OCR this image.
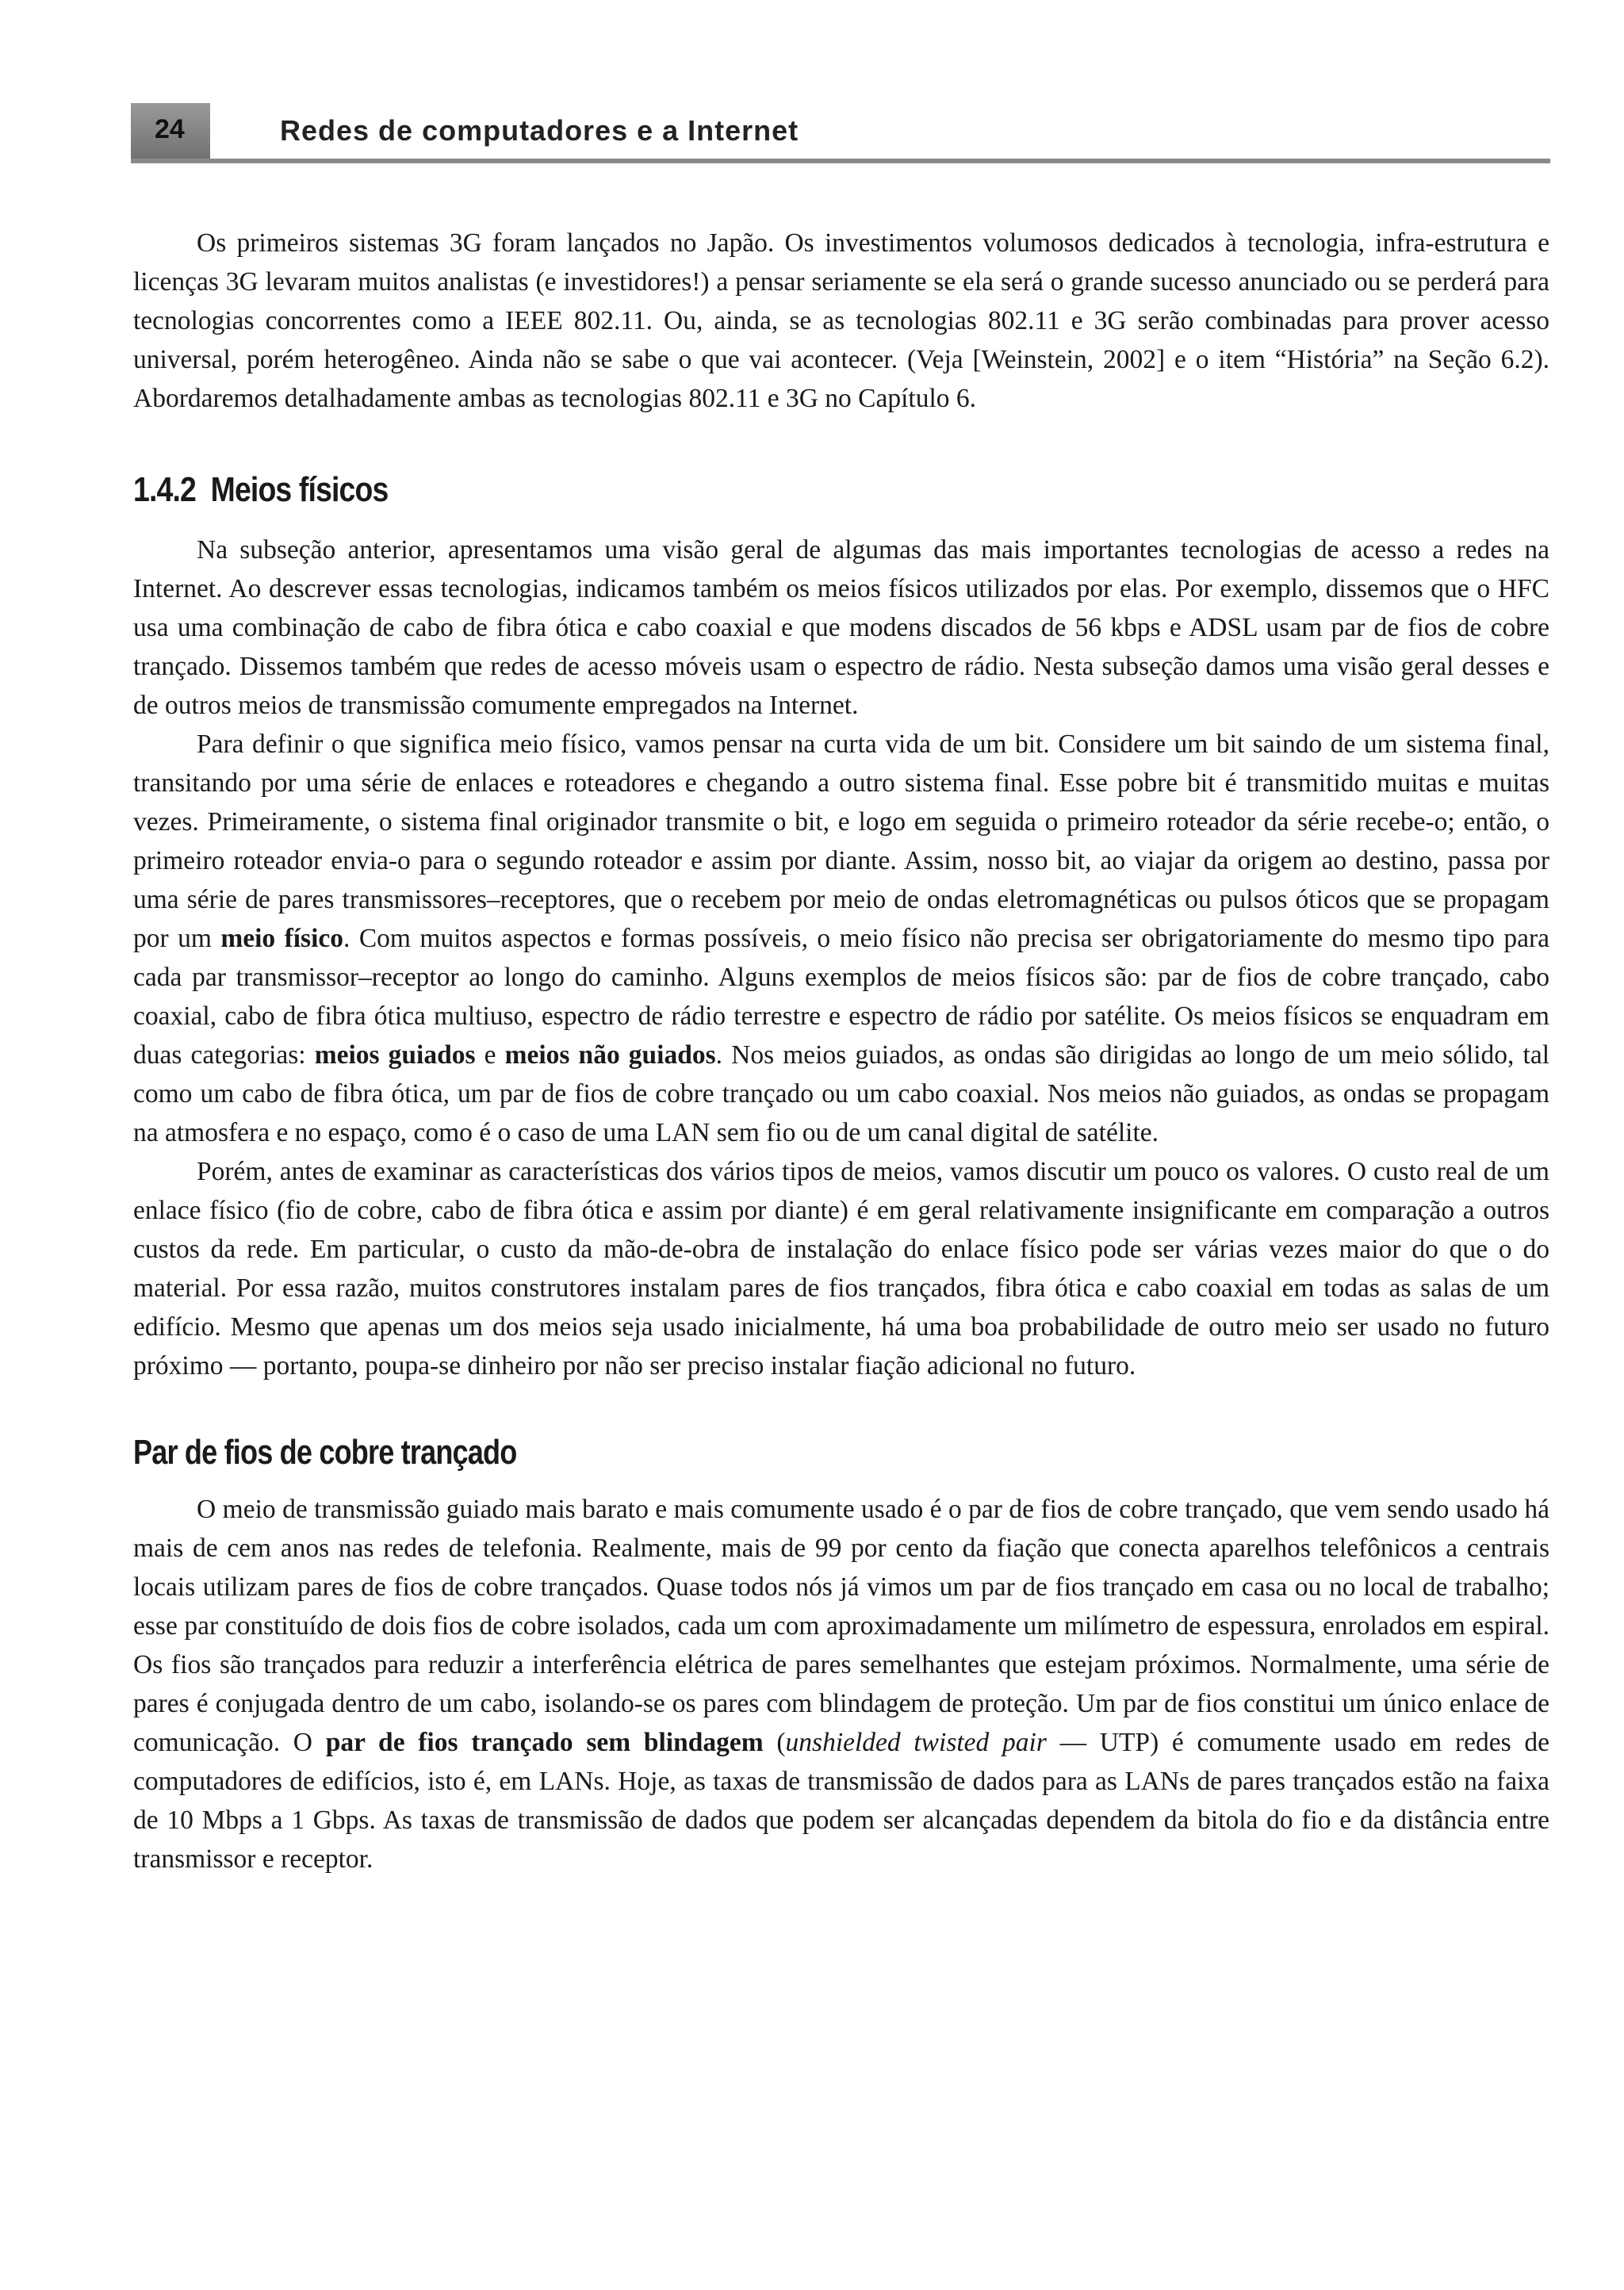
24	Redes de computadores e a Internet

Os primeiros sistemas 3G foram lançados no Japão. Os investimentos volumosos dedicados à tecnologia, infra-estrutura e licenças 3G levaram muitos analistas (e investidores!) a pensar seriamente se ela será o grande sucesso anunciado ou se perderá para tecnologias concorrentes como a IEEE 802.11. Ou, ainda, se as tecnologias 802.11 e 3G serão combinadas para prover acesso universal, porém heterogêneo. Ainda não se sabe o que vai acontecer. (Veja [Weinstein, 2002] e o item “História” na Seção 6.2). Abordaremos detalhadamente ambas as tecnologias 802.11 e 3G no Capítulo 6.

1.4.2 Meios físicos

Na subseção anterior, apresentamos uma visão geral de algumas das mais importantes tecnologias de acesso a redes na Internet. Ao descrever essas tecnologias, indicamos também os meios físicos utilizados por elas. Por exemplo, dissemos que o HFC usa uma combinação de cabo de fibra ótica e cabo coaxial e que modens discados de 56 kbps e ADSL usam par de fios de cobre trançado. Dissemos também que redes de acesso móveis usam o espectro de rádio. Nesta subseção damos uma visão geral desses e de outros meios de transmissão comumente empregados na Internet.

Para definir o que significa meio físico, vamos pensar na curta vida de um bit. Considere um bit saindo de um sistema final, transitando por uma série de enlaces e roteadores e chegando a outro sistema final. Esse pobre bit é transmitido muitas e muitas vezes. Primeiramente, o sistema final originador transmite o bit, e logo em seguida o primeiro roteador da série recebe-o; então, o primeiro roteador envia-o para o segundo roteador e assim por diante. Assim, nosso bit, ao viajar da origem ao destino, passa por uma série de pares transmissores–receptores, que o recebem por meio de ondas eletromagnéticas ou pulsos óticos que se propagam por um meio físico. Com muitos aspectos e formas possíveis, o meio físico não precisa ser obrigatoriamente do mesmo tipo para cada par transmissor–receptor ao longo do caminho. Alguns exemplos de meios físicos são: par de fios de cobre trançado, cabo coaxial, cabo de fibra ótica multiuso, espectro de rádio terrestre e espectro de rádio por satélite. Os meios físicos se enquadram em duas categorias: meios guiados e meios não guiados. Nos meios guiados, as ondas são dirigidas ao longo de um meio sólido, tal como um cabo de fibra ótica, um par de fios de cobre trançado ou um cabo coaxial. Nos meios não guiados, as ondas se propagam na atmosfera e no espaço, como é o caso de uma LAN sem fio ou de um canal digital de satélite.

Porém, antes de examinar as características dos vários tipos de meios, vamos discutir um pouco os valores. O custo real de um enlace físico (fio de cobre, cabo de fibra ótica e assim por diante) é em geral relativamente insignificante em comparação a outros custos da rede. Em particular, o custo da mão-de-obra de instalação do enlace físico pode ser várias vezes maior do que o do material. Por essa razão, muitos construtores instalam pares de fios trançados, fibra ótica e cabo coaxial em todas as salas de um edifício. Mesmo que apenas um dos meios seja usado inicialmente, há uma boa probabilidade de outro meio ser usado no futuro próximo — portanto, poupa-se dinheiro por não ser preciso instalar fiação adicional no futuro.

Par de fios de cobre trançado

O meio de transmissão guiado mais barato e mais comumente usado é o par de fios de cobre trançado, que vem sendo usado há mais de cem anos nas redes de telefonia. Realmente, mais de 99 por cento da fiação que conecta aparelhos telefônicos a centrais locais utilizam pares de fios de cobre trançados. Quase todos nós já vimos um par de fios trançado em casa ou no local de trabalho; esse par constituído de dois fios de cobre isolados, cada um com aproximadamente um milímetro de espessura, enrolados em espiral. Os fios são trançados para reduzir a interferência elétrica de pares semelhantes que estejam próximos. Normalmente, uma série de pares é conjugada dentro de um cabo, isolando-se os pares com blindagem de proteção. Um par de fios constitui um único enlace de comunicação. O par de fios trançado sem blindagem (unshielded twisted pair — UTP) é comumente usado em redes de computadores de edifícios, isto é, em LANs. Hoje, as taxas de transmissão de dados para as LANs de pares trançados estão na faixa de 10 Mbps a 1 Gbps. As taxas de transmissão de dados que podem ser alcançadas dependem da bitola do fio e da distância entre transmissor e receptor.
